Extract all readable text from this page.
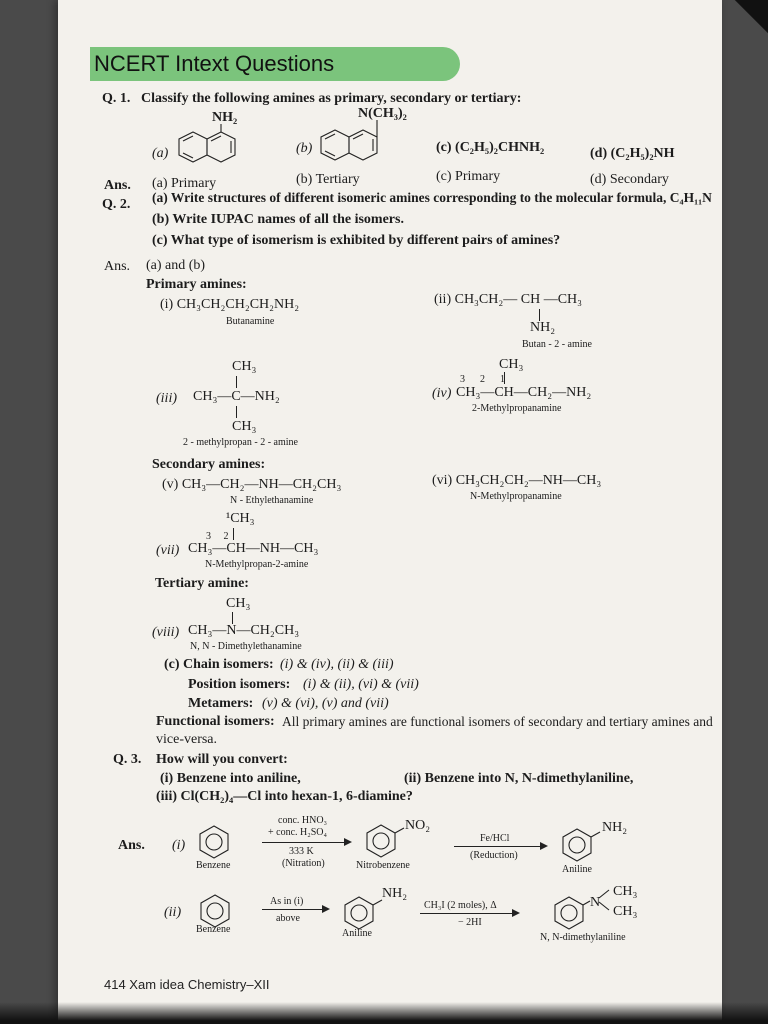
NCERT Intext Questions
Q. 1. Classify the following amines as primary, secondary or tertiary:
(a)
NH₂
(b)
N(CH₃)₂
(c) (C₂H₅)₂CHNH₂	(d) (C₂H₅)₂NH
Ans. (a) Primary	(b) Tertiary	(c) Primary	(d) Secondary
Q. 2. (a) Write structures of different isomeric amines corresponding to the molecular formula, C₄H₁₁N
(b) Write IUPAC names of all the isomers.
(c) What type of isomerism is exhibited by different pairs of amines?
Ans. (a) and (b)
Primary amines:
(i) CH₃CH₂CH₂CH₂NH₂
Butanamine
(ii) CH₃CH₂— CH —CH₃
NH₂
Butan - 2 - amine
CH₃
(iii) CH₃—C—NH₂
CH₃
2 - methylpropan - 2 - amine
CH₃
3      2      1
(iv) CH₃—CH—CH₂—NH₂
2-Methylpropanamine
Secondary amines:
(v) CH₃—CH₂—NH—CH₂CH₃
N - Ethylethanamine
(vi) CH₃CH₂CH₂—NH—CH₃
N-Methylpropanamine
¹CH₃
3     2
(vii) CH₃—CH—NH—CH₃
N-Methylpropan-2-amine
Tertiary amine:
CH₃
(viii) CH₃—N—CH₂CH₃
N, N - Dimethylethanamine
(c) Chain isomers: (i) & (iv), (ii) & (iii)
Position isomers: (i) & (ii), (vi) & (vii)
Metamers: (v) & (vi), (v) and (vii)
Functional isomers: All primary amines are functional isomers of secondary and tertiary amines and
vice-versa.
Q. 3. How will you convert:
(i) Benzene into aniline,	(ii) Benzene into N, N-dimethylaniline,
(iii) Cl(CH₂)₄—Cl into hexan-1, 6-diamine?
Ans. (i)
Benzene
conc. HNO₃
+ conc. H₂SO₄
333 K
(Nitration)
NO₂
Nitrobenzene
Fe/HCl
(Reduction)
NH₂
Aniline
(ii)
Benzene
As in (i)
above
NH₂
Aniline
CH₃I (2 moles), Δ
− 2HI
N
CH₃
CH₃
N, N-dimethylaniline
414 Xam idea Chemistry–XII
